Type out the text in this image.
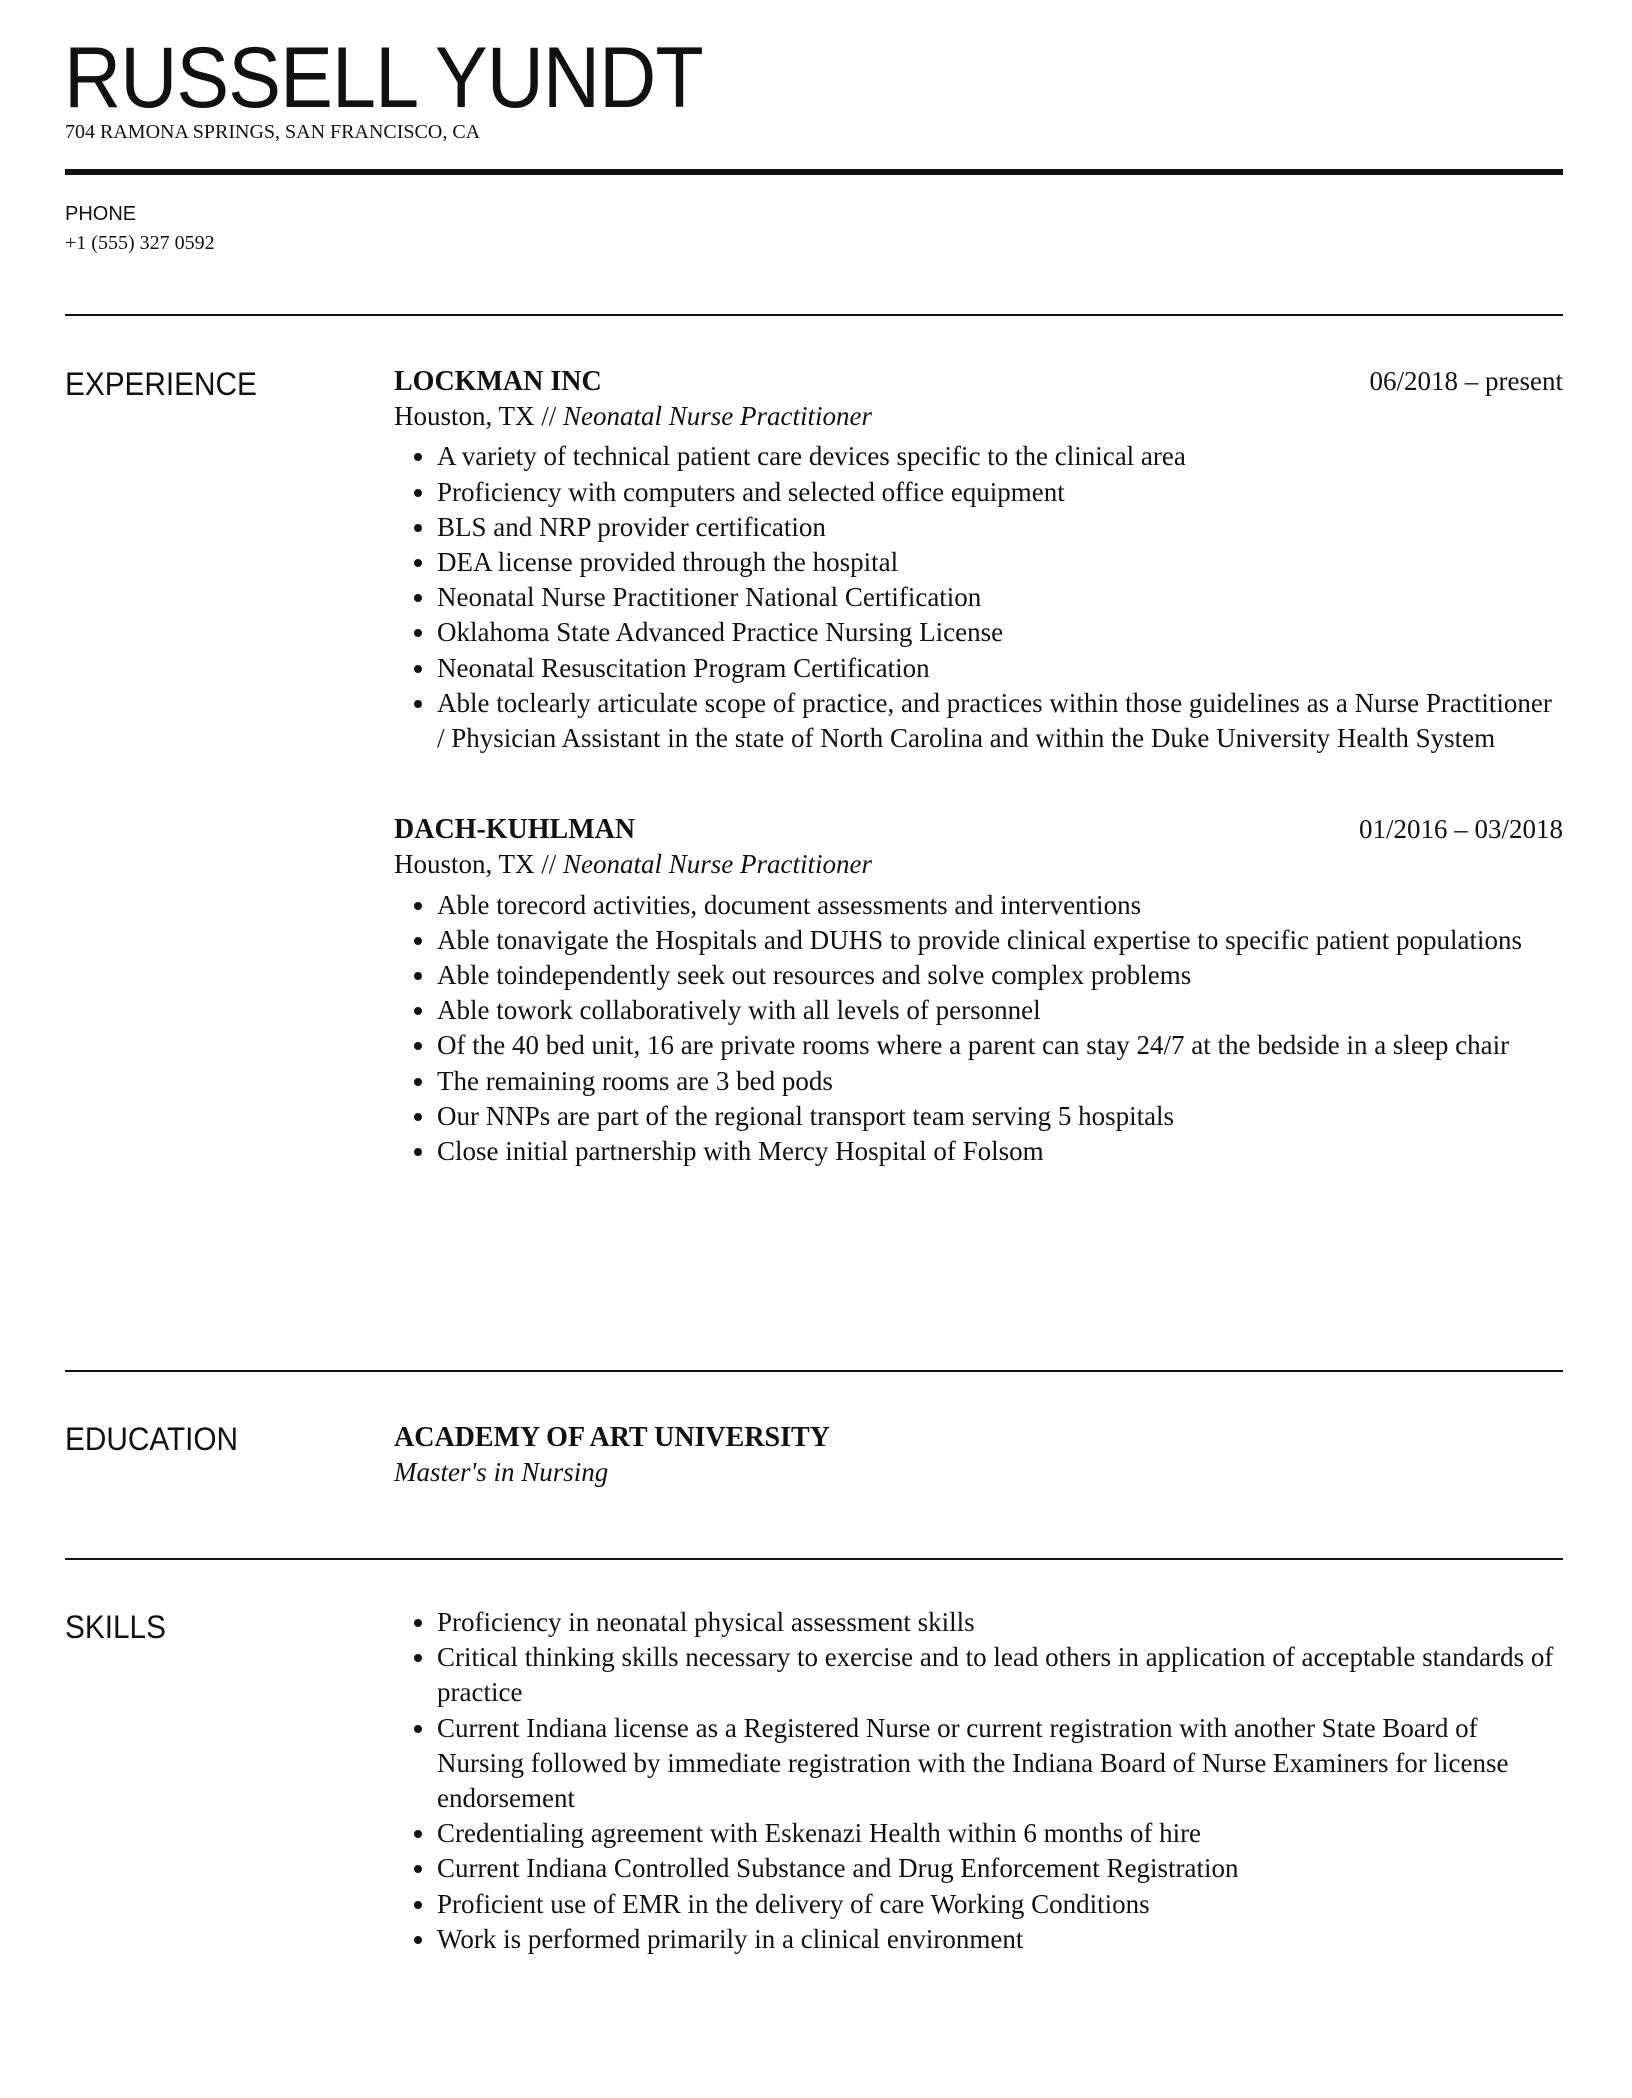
RUSSELL YUNDT
704 RAMONA SPRINGS, SAN FRANCISCO, CA
PHONE
+1 (555) 327 0592
EXPERIENCE	LOCKMAN INC	06/2018 – present
Houston, TX // Neonatal Nurse Practitioner
• A variety of technical patient care devices specific to the clinical area
• Proficiency with computers and selected office equipment
• BLS and NRP provider certification
• DEA license provided through the hospital
• Neonatal Nurse Practitioner National Certification
• Oklahoma State Advanced Practice Nursing License
• Neonatal Resuscitation Program Certification
• Able toclearly articulate scope of practice, and practices within those guidelines as a Nurse Practitioner / Physician Assistant in the state of North Carolina and within the Duke University Health System
DACH-KUHLMAN	01/2016 – 03/2018
Houston, TX // Neonatal Nurse Practitioner
• Able torecord activities, document assessments and interventions
• Able tonavigate the Hospitals and DUHS to provide clinical expertise to specific patient populations
• Able toindependently seek out resources and solve complex problems
• Able towork collaboratively with all levels of personnel
• Of the 40 bed unit, 16 are private rooms where a parent can stay 24/7 at the bedside in a sleep chair
• The remaining rooms are 3 bed pods
• Our NNPs are part of the regional transport team serving 5 hospitals
• Close initial partnership with Mercy Hospital of Folsom
EDUCATION	ACADEMY OF ART UNIVERSITY
Master's in Nursing
SKILLS	• Proficiency in neonatal physical assessment skills
• Critical thinking skills necessary to exercise and to lead others in application of acceptable standards of practice
• Current Indiana license as a Registered Nurse or current registration with another State Board of Nursing followed by immediate registration with the Indiana Board of Nurse Examiners for license endorsement
• Credentialing agreement with Eskenazi Health within 6 months of hire
• Current Indiana Controlled Substance and Drug Enforcement Registration
• Proficient use of EMR in the delivery of care Working Conditions
• Work is performed primarily in a clinical environment
